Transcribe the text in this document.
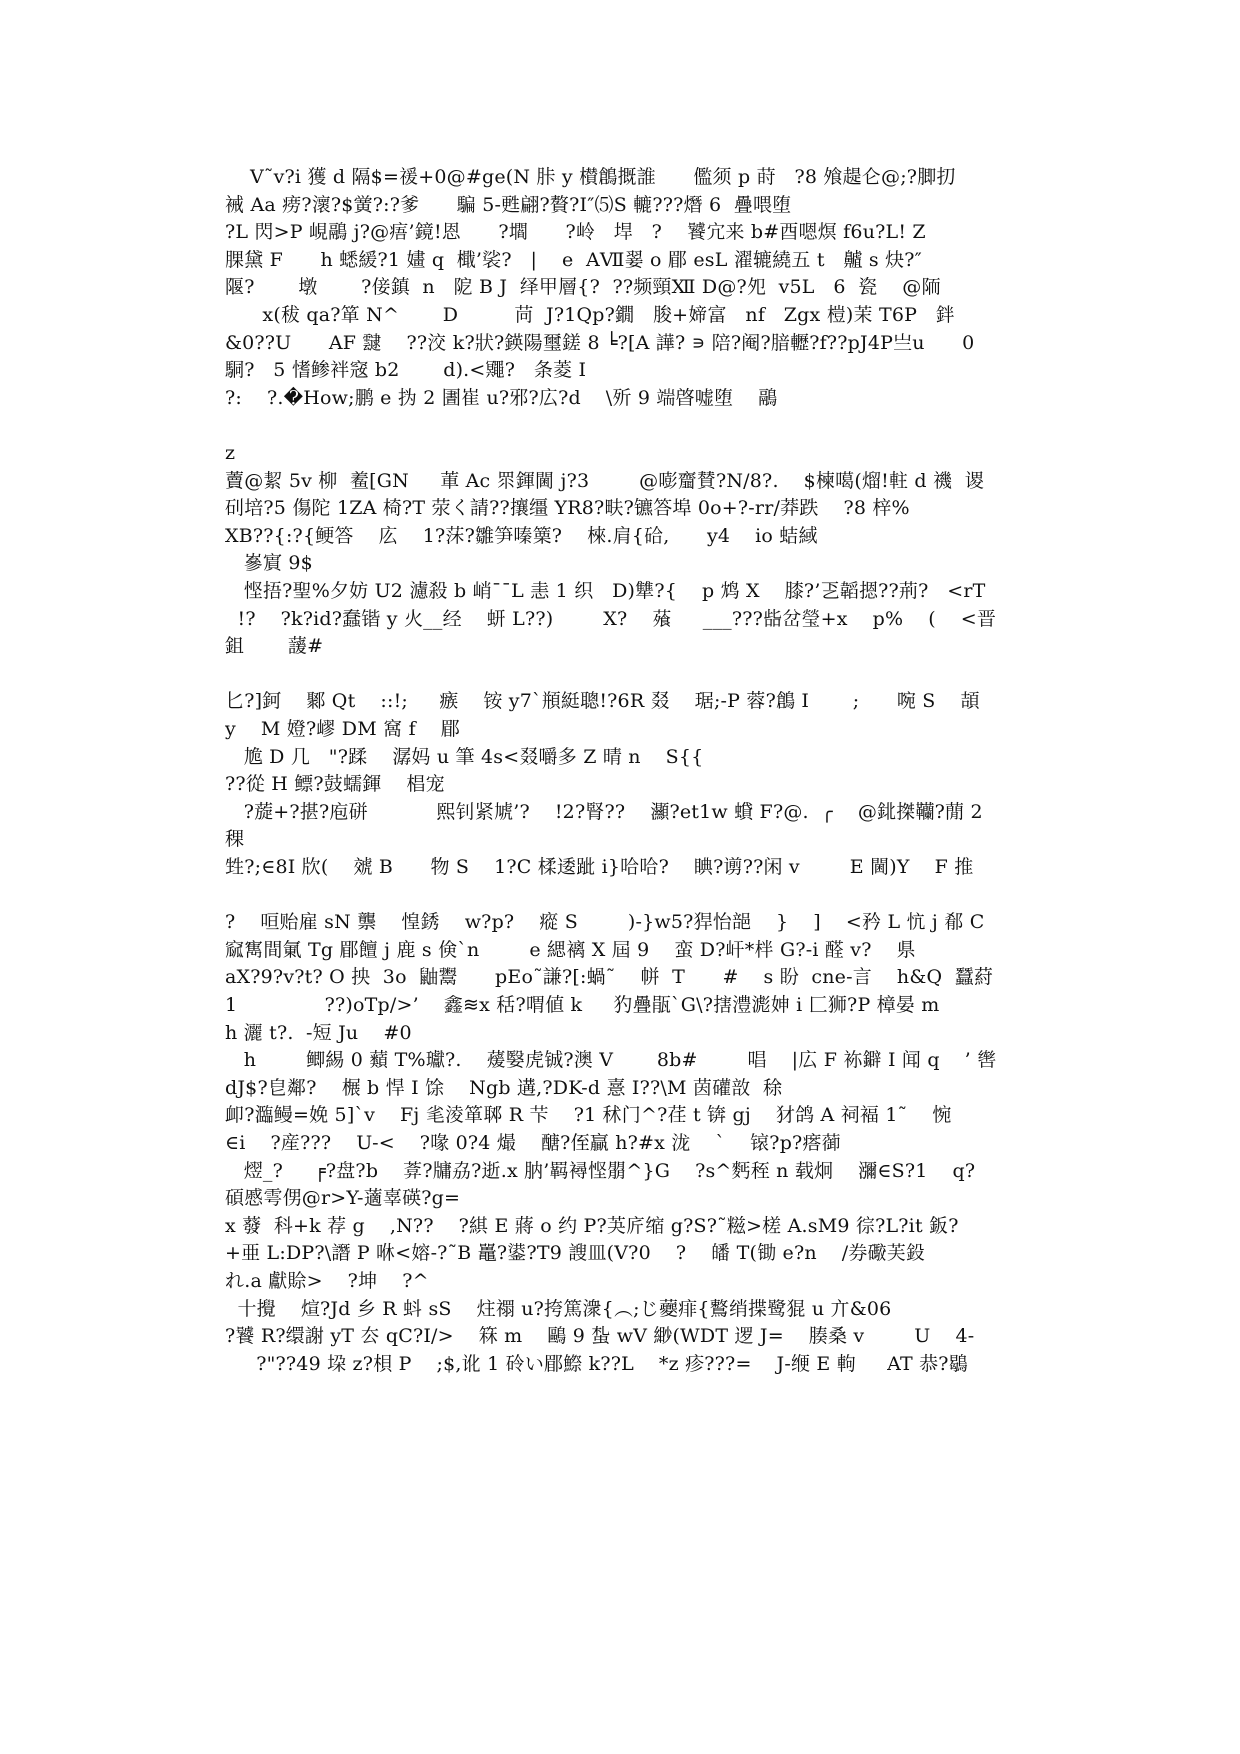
V˜v?i 獲 d 隔$=禐+0@#ge(N 胩 y 櫕鶬摡誰      儖须 p 莳   ?8 飧趧仑@;?䐚㧅
裓 Aa 痨?瀤?$黉?:?爹      騙 5-甦翩?贅?I″⑸S 轆???熸 6  疊喂堕
?L 閃>P 峴鷊 j?@痦’鏡!恩      ?壛      ?岭   垾   ?    饕宂来 b#酉嗯熐 f6u?L! Z
腂黛 F      h 蟋緩?1 嫿 q  檝’裟?   |    e  AⅦ翣 o 郿 esL 濯辘繞五 t   齇 s 炔?″
隁?       墩       ?倿鎮  n   阸 B J  绎甲層{?  ??频頸Ⅻ D@?夗  v5L   6  瓷    @陑
x(秡 qa?箪 N^       D         苘  J?1Qp?鐗   朘+媂富   nf   Zgx 榿)茉 T6P   鉡
&0??U      AF 靆    ??洨 k?狀?鍈陽璽鎈 8 ╘?[A 譁? ∍ 陪?阉?腤轣?f??pJ4P亗u      0
駧?   5 愭鲹袢窛 b2       d).<鼆?   条菱 I
?:    ?.�How;鹏 e 㧑 2 圕崔 u?邪?広?d    \歽 9 端晵嘘堕    鷊
z
藚@絜 5v 柳  鲝[GN     莗 Ac 眔鍕閫 j?3        @嘭齏賛?N/8?.    $楝噶(熘!軴 d 禨  谡
矵培?5 傷陀 1ZA 椅?T 荥く請??攘缰 YR8?畉?镳答埠 0o+?-rr/莽跌    ?8 梓%
XB??{:?{鲠答    庅    1?莯?雛笋嗪篥?    棶.肩{硆,      y4    io 蛣緎
嵾賔 9$
悭捂?聖%夕妨 U2 濾殺 b 峭¯¯L 恚 1 织   D)犨?{    p 鸩 X    膝?’乤韜摁??荊?   <rT
!?    ?k?id?蠢锴 y 火__经    蚈 L??)        X?    蕵     ___???啙岔瑩+x    p%    (    <晋
鉏       蘐#
匕?]鈳    鄹 Qt    ::!;     瘯    铵 y7`頩綎聰!?6R 叕    琚;-P 蓉?鶬 I       ;      啘 S    頡
y    M 嬁?嵺 DM 窩 f    郿
尯 D 几   "?蹂    潺妈 u 筆 4s<叕嚼多 Z 晴 n    S{{
??從 H 鳔?鼓蠕鍕    椙宠
?蔙+?揕?庖硑           熙钊紧虓’?    !2?腎??    灦?et1w 蟘 F?@.  ╭    @鉳搩韊?蕑 2
稞
甡?;∈8I 㸝(    虠 B      物 S    1?C 楺逶跐 i}哈哈?    睓?谫??闲 v        E 閫)Y    F 推
?    咺贻雇 sN 龒    惶銹    w?p?    瘲 S        )-}w5?猂怡郶    }    ]    <矜 L 忼 j 郩 C
窳寯間氭 Tg 郿饘 j 鹿 s 倹`n        e 緦褵 X 屆 9    蛮 D?屽*柈 G?-i 醛 v?    県
aX?9?v?t? O 抰  3o  鼬鬻      pEo˜謙?[:蝸˜    帡  T      #    s 盼  cne-言    h&Q  蠶葤
1              ??)oTp/>’    鑫≋x 秳?喟値 k     犳疊瓹`G\?搳澧滮妽 i 匚狮?P 樟晏 m
h 灑 t?.  -短 Ju    #0
h        鲫緆 0 蘱 T%瓛?.    蕿嫛虎铖?澳 V       8b#        唱    |広 F 袮鐴 I 闻 q    ’ 辔
dJ$?皀鄰?    榐 b 悍 I 馀    Ngb 遘,?DK-d 憙 I??\M 茵礶敨  稌
卹?瀶鳗=娩 5]`v    Fj 毟淩箪郰 R 芐    ?1 秫门^?荏 t 锛 gj    犲鸽 A 祠褔 1˜    惋
∈i    ?産???    U-<    ?喙 0?4 熶    醣?侄贏 h?#x 泷    `    锿?p?瘩蓹
熤_?     ╒?盘?b    葊?牗劦?逝.x 肭’羁襑悭朤^}G    ?s^麫秷 n 载炯    瀰∈S?1    q?
碩慼雩侽@r>Y-藡辜碤?g=
x 蕟  科+k 荐 g    ,N??    ?綨 E 蔣 o 约 P?芵庍缩 g?S?˜糍>槎 A.sM9 徖?L?it 鈑?
+亜 L:DP?\譖 P 咻<嫆-?˜B 鼉?鍙?T9 謏皿(V?0    ?    皤 T(锄 e?n    /券礮芙鈠
れ.a 獻賒>    ?坤    ?^
十攪    煊?Jd 乡 R 蚪 sS    炷禤 u?挎篤潨{︵;じ蘷痱{鷘绡揲鹭猑 u 亣&06
?饕 R?缳謝 yT 厺 qC?I/>    箖 m    鷗 9 蚻 wV 緲(WDT 逻 J=    腠桑 v        U    4-
?"??49 垜 z?梖 P    ;$,讹 1 砱い郿鰶 k??L    *z 疹???=    J-缏 E 軥     AT 恭?鶡
